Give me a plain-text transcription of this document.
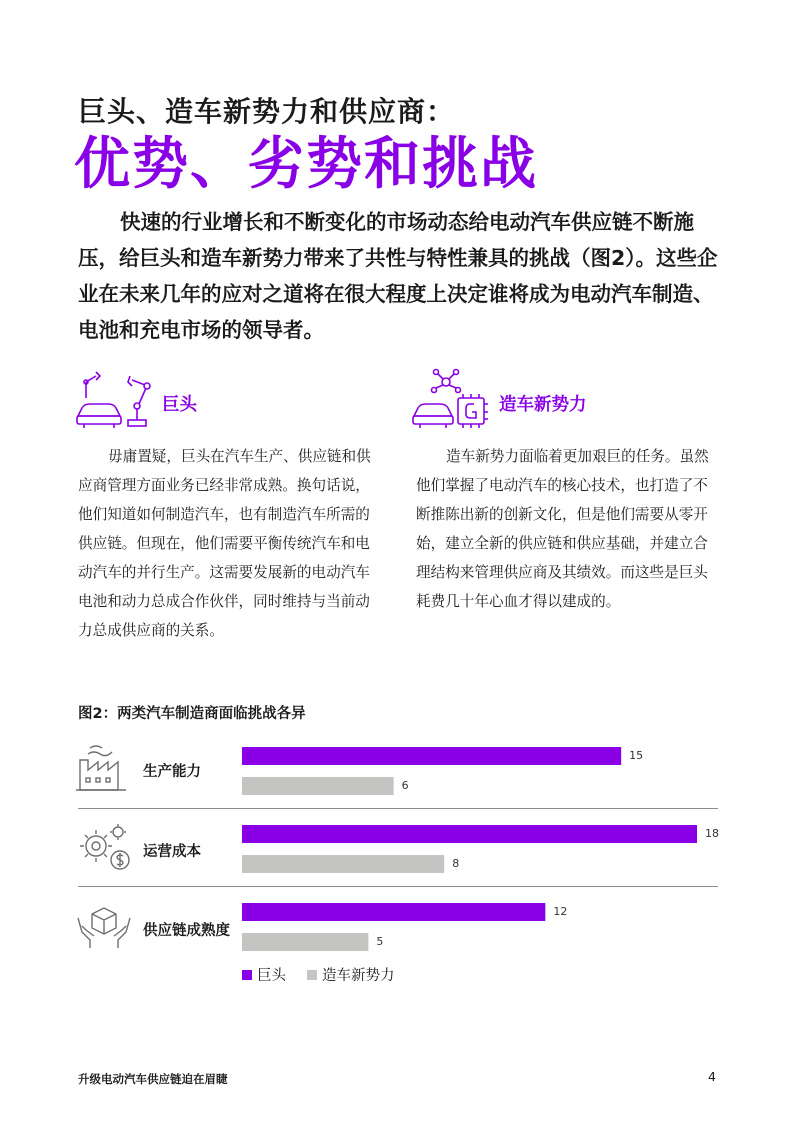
巨头、造车新势力和供应商：
优势、劣势和挑战
快速的行业增长和不断变化的市场动态给电动汽车供应链不断施压，给巨头和造车新势力带来了共性与特性兼具的挑战（图2）。这些企业在未来几年的应对之道将在很大程度上决定谁将成为电动汽车制造、电池和充电市场的领导者。
巨头
毋庸置疑，巨头在汽车生产、供应链和供应商管理方面业务已经非常成熟。换句话说，他们知道如何制造汽车，也有制造汽车所需的供应链。但现在，他们需要平衡传统汽车和电动汽车的并行生产。这需要发展新的电动汽车电池和动力总成合作伙伴，同时维持与当前动力总成供应商的关系。
造车新势力
造车新势力面临着更加艰巨的任务。虽然他们掌握了电动汽车的核心技术，也打造了不断推陈出新的创新文化，但是他们需要从零开始，建立全新的供应链和供应基础，并建立合理结构来管理供应商及其绩效。而这些是巨头耗费几十年心血才得以建成的。
图2：两类汽车制造商面临挑战各异
生产能力
运营成本
供应链成熟度
15
6
18
8
12
5
巨头	造车新势力
升级电动汽车供应链迫在眉睫	4
